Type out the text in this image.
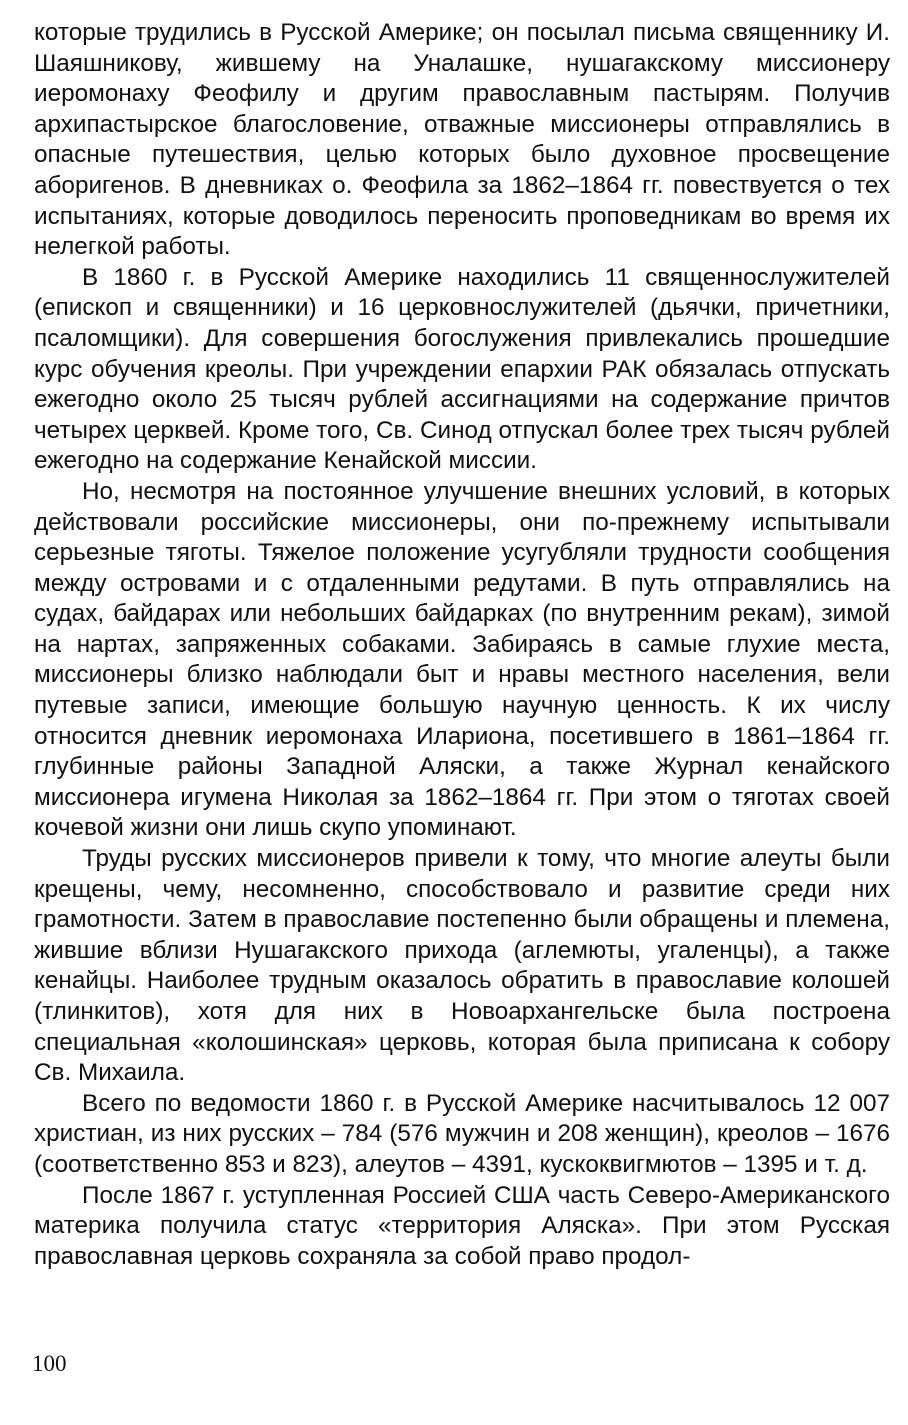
которые трудились в Русской Америке; он посылал письма священнику И. Шаяшникову, жившему на Уналашке, нушагакскому миссионеру иеромонаху Феофилу и другим православным пастырям. Получив архипастырское благословение, отважные миссионеры отправлялись в опасные путешествия, целью которых было духовное просвещение аборигенов. В дневниках о. Феофила за 1862–1864 гг. повествуется о тех испытаниях, которые доводилось переносить проповедникам во время их нелегкой работы.

В 1860 г. в Русской Америке находились 11 священнослужителей (епископ и священники) и 16 церковнослужителей (дьячки, причетники, псаломщики). Для совершения богослужения привлекались прошедшие курс обучения креолы. При учреждении епархии РАК обязалась отпускать ежегодно около 25 тысяч рублей ассигнациями на содержание причтов четырех церквей. Кроме того, Св. Синод отпускал более трех тысяч рублей ежегодно на содержание Кенайской миссии.

Но, несмотря на постоянное улучшение внешних условий, в которых действовали российские миссионеры, они по-прежнему испытывали серьезные тяготы. Тяжелое положение усугубляли трудности сообщения между островами и с отдаленными редутами. В путь отправлялись на судах, байдарах или небольших байдарках (по внутренним рекам), зимой на нартах, запряженных собаками. Забираясь в самые глухие места, миссионеры близко наблюдали быт и нравы местного населения, вели путевые записи, имеющие большую научную ценность. К их числу относится дневник иеромонаха Илариона, посетившего в 1861–1864 гг. глубинные районы Западной Аляски, а также Журнал кенайского миссионера игумена Николая за 1862–1864 гг. При этом о тяготах своей кочевой жизни они лишь скупо упоминают.

Труды русских миссионеров привели к тому, что многие алеуты были крещены, чему, несомненно, способствовало и развитие среди них грамотности. Затем в православие постепенно были обращены и племена, жившие вблизи Нушагакского прихода (аглемюты, угаленцы), а также кенайцы. Наиболее трудным оказалось обратить в православие колошей (тлинкитов), хотя для них в Новоархангельске была построена специальная «колошинская» церковь, которая была приписана к собору Св. Михаила.

Всего по ведомости 1860 г. в Русской Америке насчитывалось 12 007 христиан, из них русских – 784 (576 мужчин и 208 женщин), креолов – 1676 (соответственно 853 и 823), алеутов – 4391, кускоквигмютов – 1395 и т. д.

После 1867 г. уступленная Россией США часть Северо-Американского материка получила статус «территория Аляска». При этом Русская православная церковь сохраняла за собой право продол-

100
